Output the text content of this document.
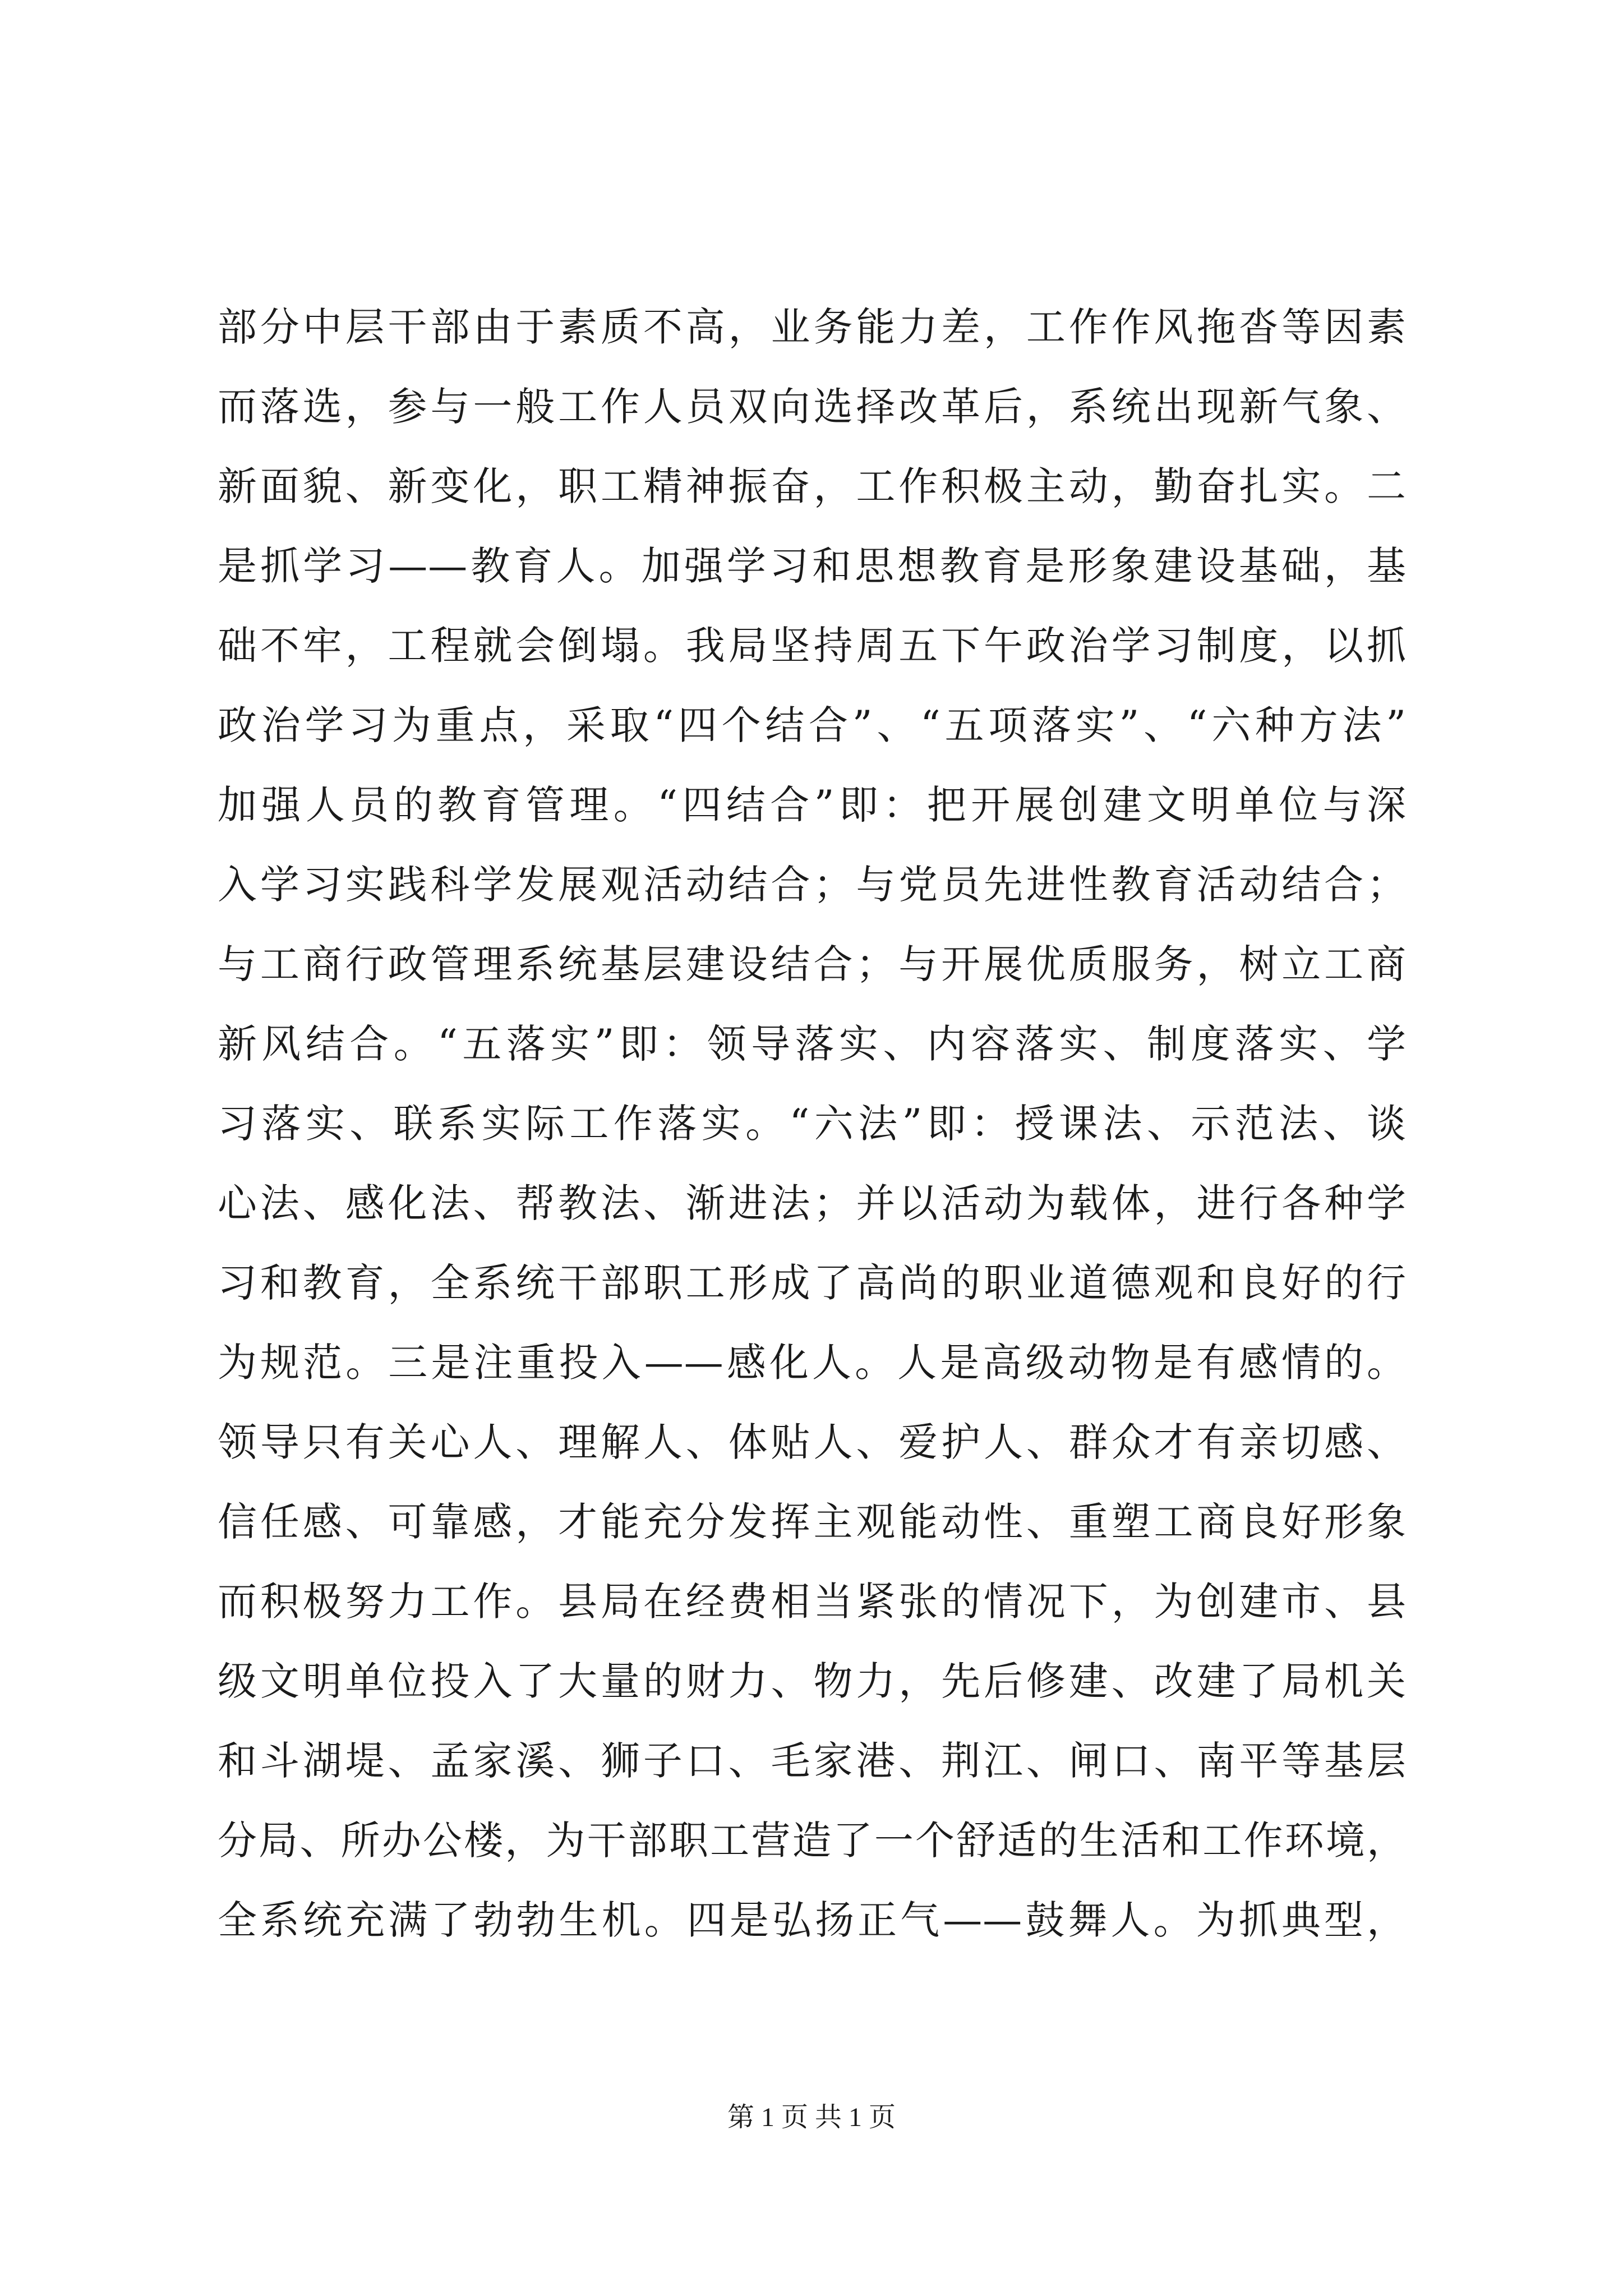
部分中层干部由于素质不高，业务能力差，工作作风拖沓等因素
而落选，参与一般工作人员双向选择改革后，系统出现新气象、
新面貌、新变化，职工精神振奋，工作积极主动，勤奋扎实。二
是抓学习——教育人。加强学习和思想教育是形象建设基础，基
础不牢，工程就会倒塌。我局坚持周五下午政治学习制度，以抓
政治学习为重点，采取“四个结合”、“五项落实”、“六种方法”
加强人员的教育管理。“四结合”即：把开展创建文明单位与深
入学习实践科学发展观活动结合；与党员先进性教育活动结合；
与工商行政管理系统基层建设结合；与开展优质服务，树立工商
新风结合。“五落实”即：领导落实、内容落实、制度落实、学
习落实、联系实际工作落实。“六法”即：授课法、示范法、谈
心法、感化法、帮教法、渐进法；并以活动为载体，进行各种学
习和教育，全系统干部职工形成了高尚的职业道德观和良好的行
为规范。三是注重投入——感化人。人是高级动物是有感情的。
领导只有关心人、理解人、体贴人、爱护人、群众才有亲切感、
信任感、可靠感，才能充分发挥主观能动性、重塑工商良好形象
而积极努力工作。县局在经费相当紧张的情况下，为创建市、县
级文明单位投入了大量的财力、物力，先后修建、改建了局机关
和斗湖堤、孟家溪、狮子口、毛家港、荆江、闸口、南平等基层
分局、所办公楼，为干部职工营造了一个舒适的生活和工作环境，
全系统充满了勃勃生机。四是弘扬正气——鼓舞人。为抓典型，
第 1 页 共 1 页
